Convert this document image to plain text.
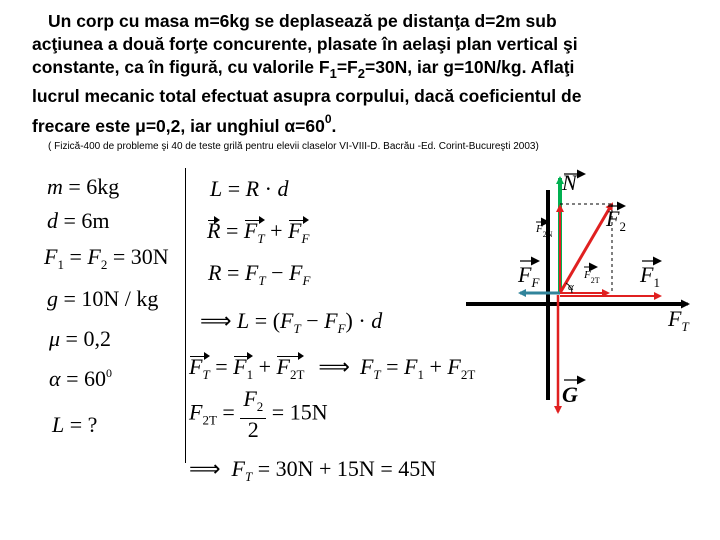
Un corp cu masa m=6kg se deplasează pe distanţa d=2m sub
acţiunea a două forţe concurente, plasate în aelaşi plan vertical şi
constante, ca în figură, cu valorile $F_1=F_2=30N$, iar g=10N/kg. Aflaţi
lucrul mecanic total efectuat asupra corpului, dacă coeficientul de
frecare este μ=0,2, iar unghiul $\alpha=60^0$.
( Fizică-400 de probleme şi 40 de teste grilă pentru elevii claselor VI-VIII-D. Bacrău -Ed. Corint-Bucureşti 2003)
m = 6kg
d = 6m
$F_1 = F_2 = 30N$
g = 10N / kg
μ = 0,2
$\alpha = 60^0$
L = ?
L = R · d
$R = F_T + F_F$
$R = F_T - F_F$
⟹ $L = (F_T - F_F) \cdot d$
$F_T = F_1 + F_{2T}$ ⟹ $F_T = F_1 + F_{2T}$
$F_{2T} = \frac{F_2}{2} = 15N$
⟹ $F_T = 30N + 15N = 45N$
N
$F_2$
$F_{2N}$
$F_F$	$F_{2T}$
α	$F_1$
$F_T$
G
